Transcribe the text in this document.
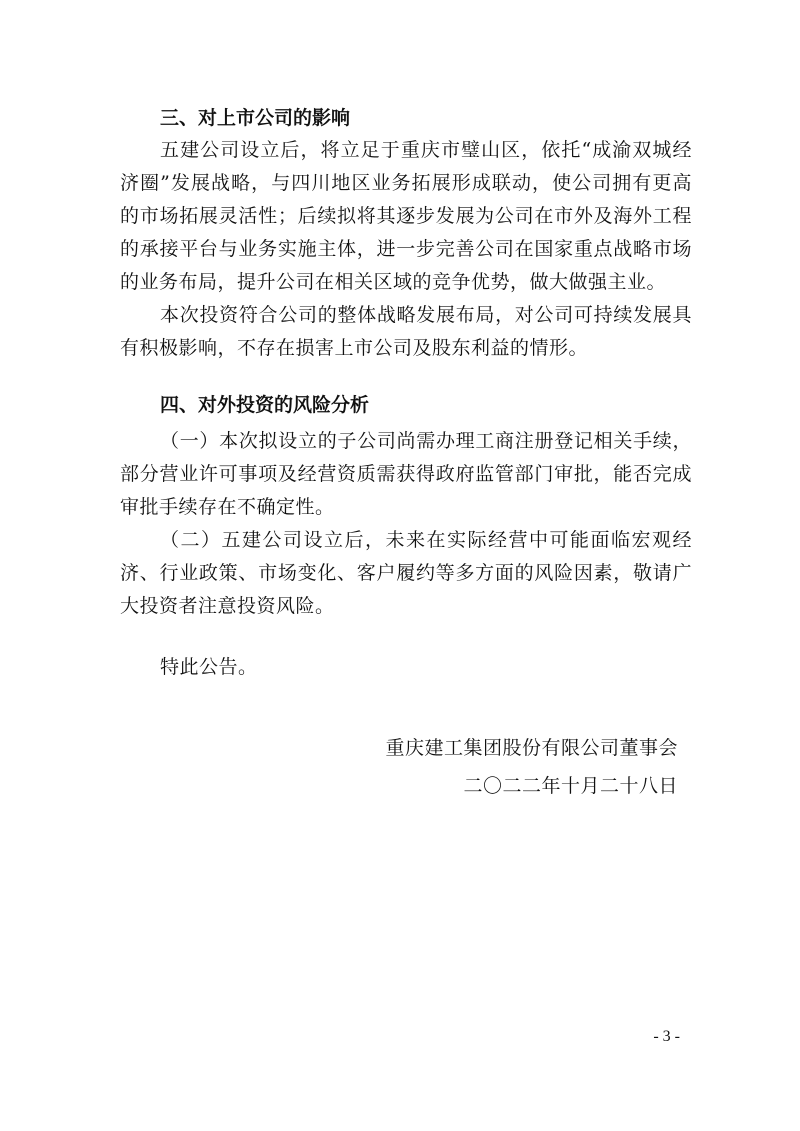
三、对上市公司的影响

五建公司设立后，将立足于重庆市璧山区，依托“成渝双城经济圈”发展战略，与四川地区业务拓展形成联动，使公司拥有更高的市场拓展灵活性；后续拟将其逐步发展为公司在市外及海外工程的承接平台与业务实施主体，进一步完善公司在国家重点战略市场的业务布局，提升公司在相关区域的竞争优势，做大做强主业。

本次投资符合公司的整体战略发展布局，对公司可持续发展具有积极影响，不存在损害上市公司及股东利益的情形。

四、对外投资的风险分析

（一）本次拟设立的子公司尚需办理工商注册登记相关手续，部分营业许可事项及经营资质需获得政府监管部门审批，能否完成审批手续存在不确定性。

（二）五建公司设立后，未来在实际经营中可能面临宏观经济、行业政策、市场变化、客户履约等多方面的风险因素，敬请广大投资者注意投资风险。

特此公告。

重庆建工集团股份有限公司董事会
二〇二二年十月二十八日
- 3 -
